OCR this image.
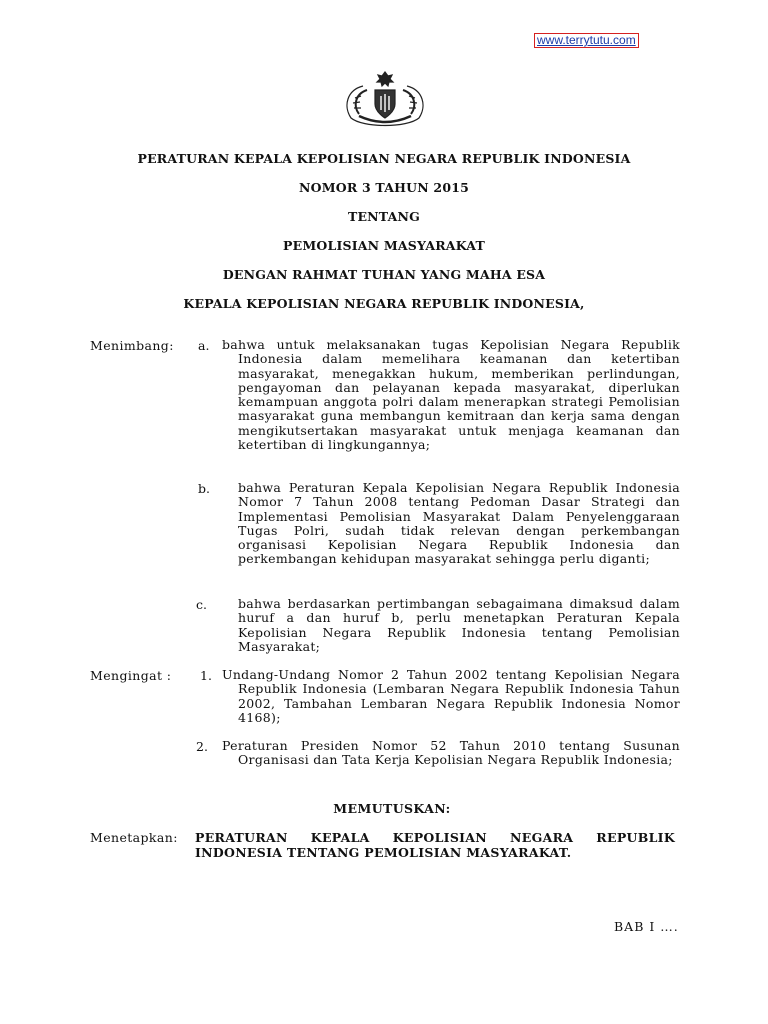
www.terrytutu.com
PERATURAN KEPALA KEPOLISIAN NEGARA REPUBLIK INDONESIA
NOMOR 3 TAHUN 2015
TENTANG
PEMOLISIAN MASYARAKAT
DENGAN RAHMAT TUHAN YANG MAHA ESA
KEPALA KEPOLISIAN NEGARA REPUBLIK INDONESIA,
Menimbang: a. bahwa untuk melaksanakan tugas Kepolisian Negara Republik Indonesia dalam memelihara keamanan dan ketertiban masyarakat, menegakkan hukum, memberikan perlindungan, pengayoman dan pelayanan kepada masyarakat, diperlukan kemampuan anggota polri dalam menerapkan strategi Pemolisian masyarakat guna membangun kemitraan dan kerja sama dengan mengikutsertakan masyarakat untuk menjaga keamanan dan ketertiban di lingkungannya;
b. bahwa Peraturan Kepala Kepolisian Negara Republik Indonesia Nomor 7 Tahun 2008 tentang Pedoman Dasar Strategi dan Implementasi Pemolisian Masyarakat Dalam Penyelenggaraan Tugas Polri, sudah tidak relevan dengan perkembangan organisasi Kepolisian Negara Republik Indonesia dan perkembangan kehidupan masyarakat sehingga perlu diganti;
c. bahwa berdasarkan pertimbangan sebagaimana dimaksud dalam huruf a dan huruf b, perlu menetapkan Peraturan Kepala Kepolisian Negara Republik Indonesia tentang Pemolisian Masyarakat;
Mengingat : 1. Undang-Undang Nomor 2 Tahun 2002 tentang Kepolisian Negara Republik Indonesia (Lembaran Negara Republik Indonesia Tahun 2002, Tambahan Lembaran Negara Republik Indonesia Nomor 4168);
2. Peraturan Presiden Nomor 52 Tahun 2010 tentang Susunan Organisasi dan Tata Kerja Kepolisian Negara Republik Indonesia;
MEMUTUSKAN:
Menetapkan: PERATURAN KEPALA KEPOLISIAN NEGARA REPUBLIK INDONESIA TENTANG PEMOLISIAN MASYARAKAT.
BAB I ….
